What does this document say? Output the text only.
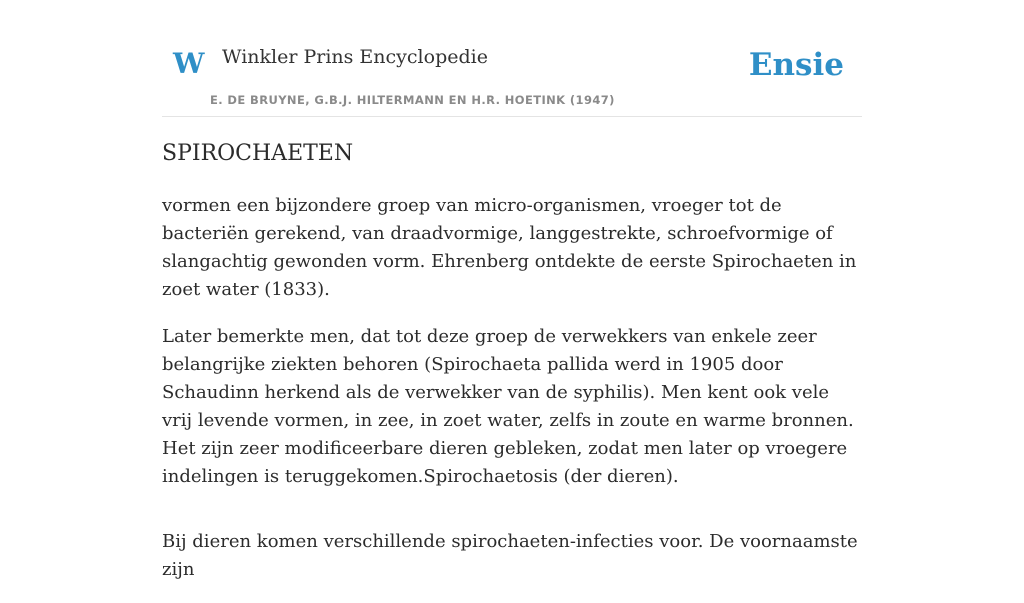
W Winkler Prins Encyclopedie
E. DE BRUYNE, G.B.J. HILTERMANN EN H.R. HOETINK (1947)
Ensie
SPIROCHAETEN

vormen een bijzondere groep van micro-organismen, vroeger tot de bacteriën gerekend, van draadvormige, langgestrekte, schroefvormige of slangachtig gewonden vorm. Ehrenberg ontdekte de eerste Spirochaeten in zoet water (1833).

Later bemerkte men, dat tot deze groep de verwekkers van enkele zeer belangrijke ziekten behoren (Spirochaeta pallida werd in 1905 door Schaudinn herkend als de verwekker van de syphilis). Men kent ook vele vrij levende vormen, in zee, in zoet water, zelfs in zoute en warme bronnen. Het zijn zeer modificeerbare dieren gebleken, zodat men later op vroegere indelingen is teruggekomen.Spirochaetosis (der dieren).

Bij dieren komen verschillende spirochaeten-infecties voor. De voornaamste zijn
